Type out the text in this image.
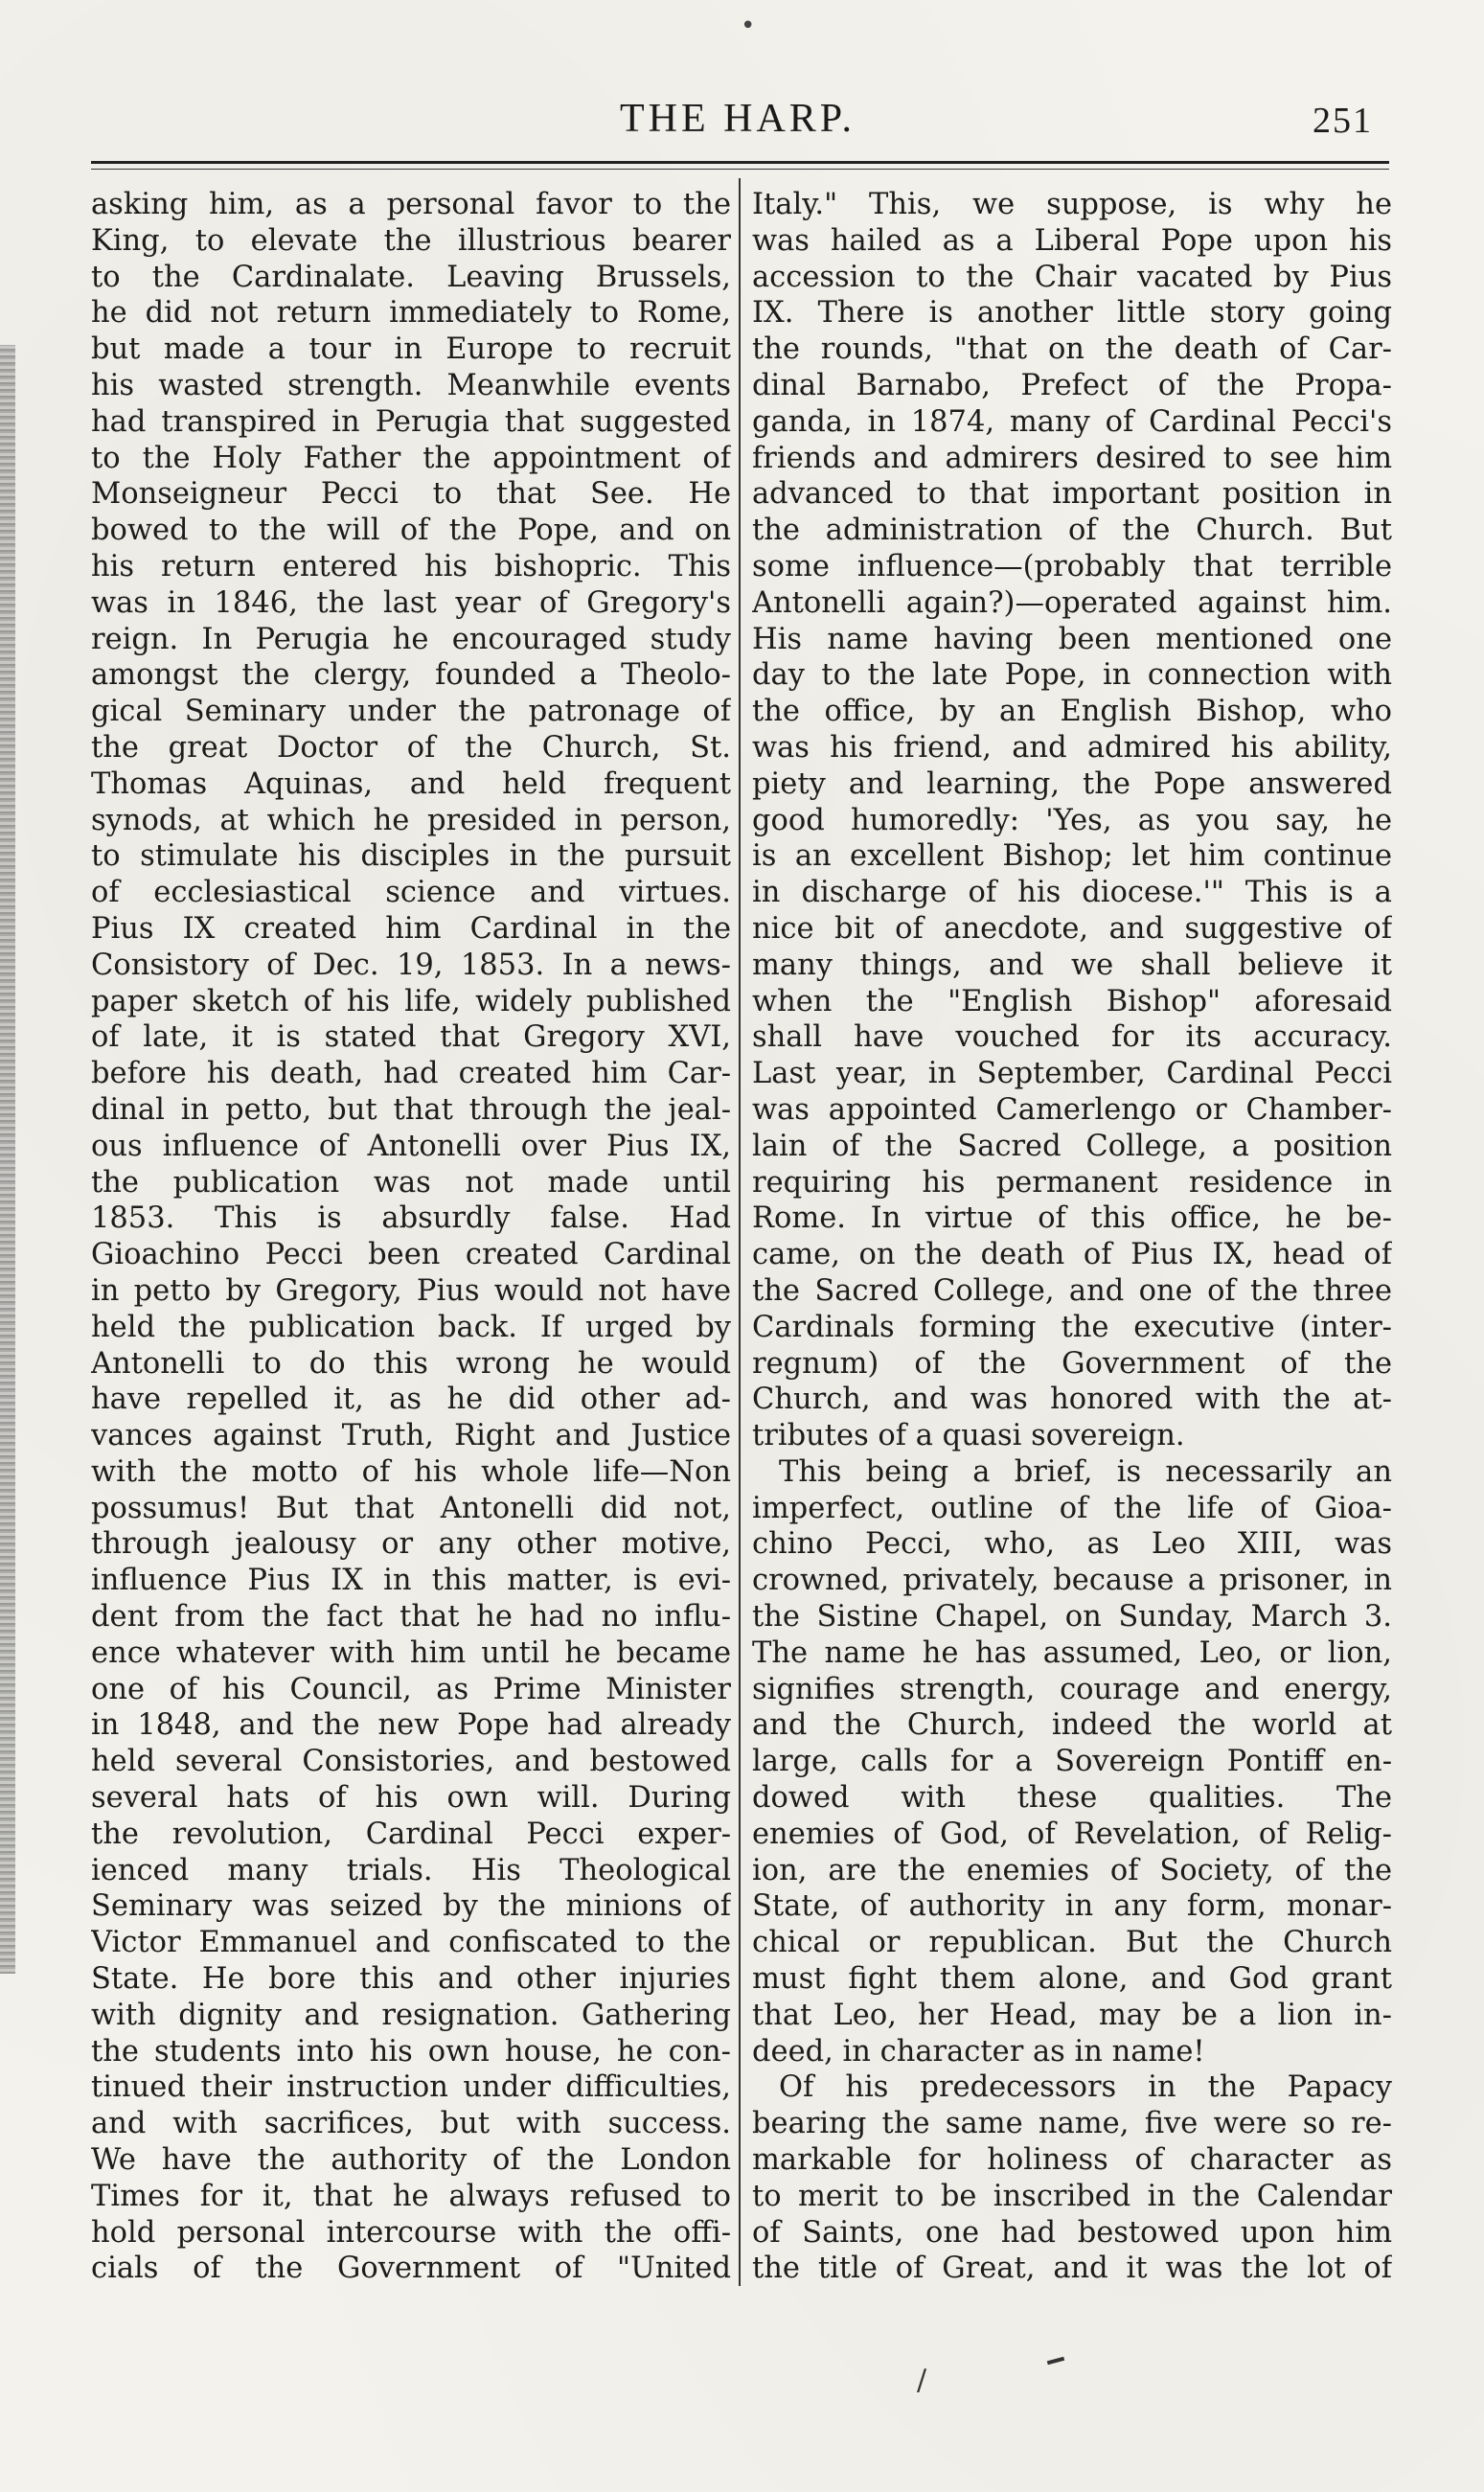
•
THE HARP.	251
asking him, as a personal favor to the
King, to elevate the illustrious bearer
to the Cardinalate. Leaving Brussels,
he did not return immediately to Rome,
but made a tour in Europe to recruit
his wasted strength. Meanwhile events
had transpired in Perugia that suggested
to the Holy Father the appointment of
Monseigneur Pecci to that See. He
bowed to the will of the Pope, and on
his return entered his bishopric. This
was in 1846, the last year of Gregory's
reign. In Perugia he encouraged study
amongst the clergy, founded a Theolo-
gical Seminary under the patronage of
the great Doctor of the Church, St.
Thomas Aquinas, and held frequent
synods, at which he presided in person,
to stimulate his disciples in the pursuit
of ecclesiastical science and virtues.
Pius IX created him Cardinal in the
Consistory of Dec. 19, 1853. In a news-
paper sketch of his life, widely published
of late, it is stated that Gregory XVI,
before his death, had created him Car-
dinal in petto, but that through the jeal-
ous influence of Antonelli over Pius IX,
the publication was not made until
1853. This is absurdly false. Had
Gioachino Pecci been created Cardinal
in petto by Gregory, Pius would not have
held the publication back. If urged by
Antonelli to do this wrong he would
have repelled it, as he did other ad-
vances against Truth, Right and Justice
with the motto of his whole life—Non
possumus! But that Antonelli did not,
through jealousy or any other motive,
influence Pius IX in this matter, is evi-
dent from the fact that he had no influ-
ence whatever with him until he became
one of his Council, as Prime Minister
in 1848, and the new Pope had already
held several Consistories, and bestowed
several hats of his own will. During
the revolution, Cardinal Pecci exper-
ienced many trials. His Theological
Seminary was seized by the minions of
Victor Emmanuel and confiscated to the
State. He bore this and other injuries
with dignity and resignation. Gathering
the students into his own house, he con-
tinued their instruction under difficulties,
and with sacrifices, but with success.
We have the authority of the London
Times for it, that he always refused to
hold personal intercourse with the offi-
cials of the Government of "United
Italy." This, we suppose, is why he
was hailed as a Liberal Pope upon his
accession to the Chair vacated by Pius
IX. There is another little story going
the rounds, "that on the death of Car-
dinal Barnabo, Prefect of the Propa-
ganda, in 1874, many of Cardinal Pecci's
friends and admirers desired to see him
advanced to that important position in
the administration of the Church. But
some influence—(probably that terrible
Antonelli again?)—operated against him.
His name having been mentioned one
day to the late Pope, in connection with
the office, by an English Bishop, who
was his friend, and admired his ability,
piety and learning, the Pope answered
good humoredly: 'Yes, as you say, he
is an excellent Bishop; let him continue
in discharge of his diocese.'" This is a
nice bit of anecdote, and suggestive of
many things, and we shall believe it
when the "English Bishop" aforesaid
shall have vouched for its accuracy.
Last year, in September, Cardinal Pecci
was appointed Camerlengo or Chamber-
lain of the Sacred College, a position
requiring his permanent residence in
Rome. In virtue of this office, he be-
came, on the death of Pius IX, head of
the Sacred College, and one of the three
Cardinals forming the executive (inter-
regnum) of the Government of the
Church, and was honored with the at-
tributes of a quasi sovereign.
This being a brief, is necessarily an
imperfect, outline of the life of Gioa-
chino Pecci, who, as Leo XIII, was
crowned, privately, because a prisoner, in
the Sistine Chapel, on Sunday, March 3.
The name he has assumed, Leo, or lion,
signifies strength, courage and energy,
and the Church, indeed the world at
large, calls for a Sovereign Pontiff en-
dowed with these qualities. The
enemies of God, of Revelation, of Relig-
ion, are the enemies of Society, of the
State, of authority in any form, monar-
chical or republican. But the Church
must fight them alone, and God grant
that Leo, her Head, may be a lion in-
deed, in character as in name!
Of his predecessors in the Papacy
bearing the same name, five were so re-
markable for holiness of character as
to merit to be inscribed in the Calendar
of Saints, one had bestowed upon him
the title of Great, and it was the lot of
/
